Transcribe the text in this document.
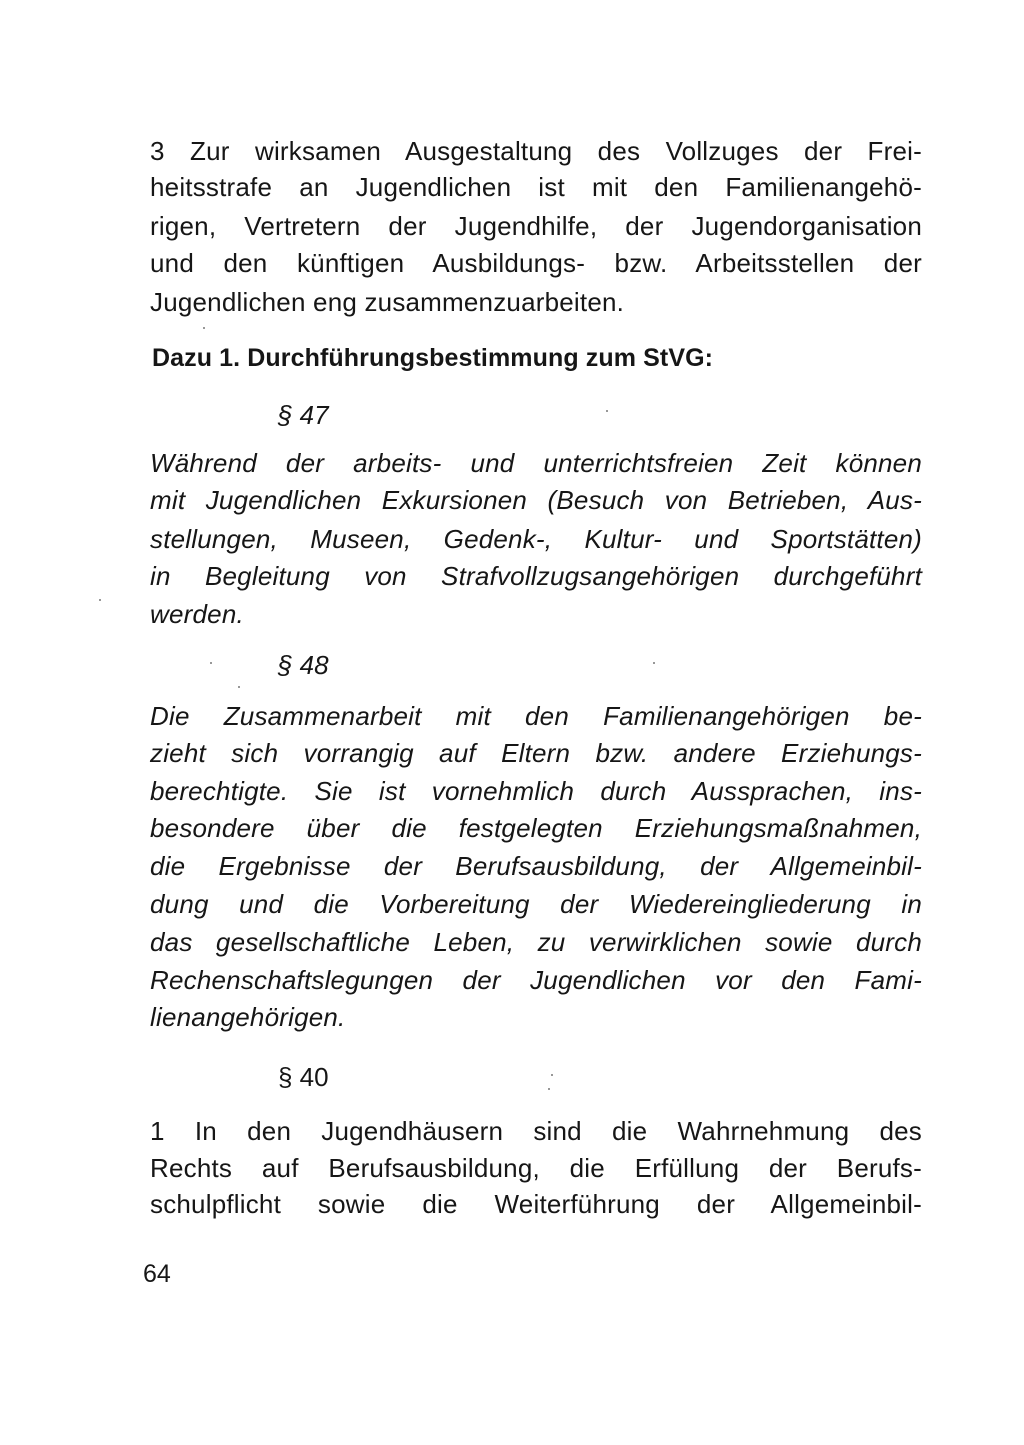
3 Zur wirksamen Ausgestaltung des Vollzuges der Frei-
heitsstrafe an Jugendlichen ist mit den Familienangehö-
rigen, Vertretern der Jugendhilfe, der Jugendorganisation
und den künftigen Ausbildungs- bzw. Arbeitsstellen der
Jugendlichen eng zusammenzuarbeiten.
Dazu 1. Durchführungsbestimmung zum StVG:
§ 47
Während der arbeits- und unterrichtsfreien Zeit können
mit Jugendlichen Exkursionen (Besuch von Betrieben, Aus-
stellungen, Museen, Gedenk-, Kultur- und Sportstätten)
in Begleitung von Strafvollzugsangehörigen durchgeführt
werden.
§ 48
Die Zusammenarbeit mit den Familienangehörigen be-
zieht sich vorrangig auf Eltern bzw. andere Erziehungs-
berechtigte. Sie ist vornehmlich durch Aussprachen, ins-
besondere über die festgelegten Erziehungsmaßnahmen,
die Ergebnisse der Berufsausbildung, der Allgemeinbil-
dung und die Vorbereitung der Wiedereingliederung in
das gesellschaftliche Leben, zu verwirklichen sowie durch
Rechenschaftslegungen der Jugendlichen vor den Fami-
lienangehörigen.
§ 40
1 In den Jugendhäusern sind die Wahrnehmung des
Rechts auf Berufsausbildung, die Erfüllung der Berufs-
schulpflicht sowie die Weiterführung der Allgemeinbil-
64
